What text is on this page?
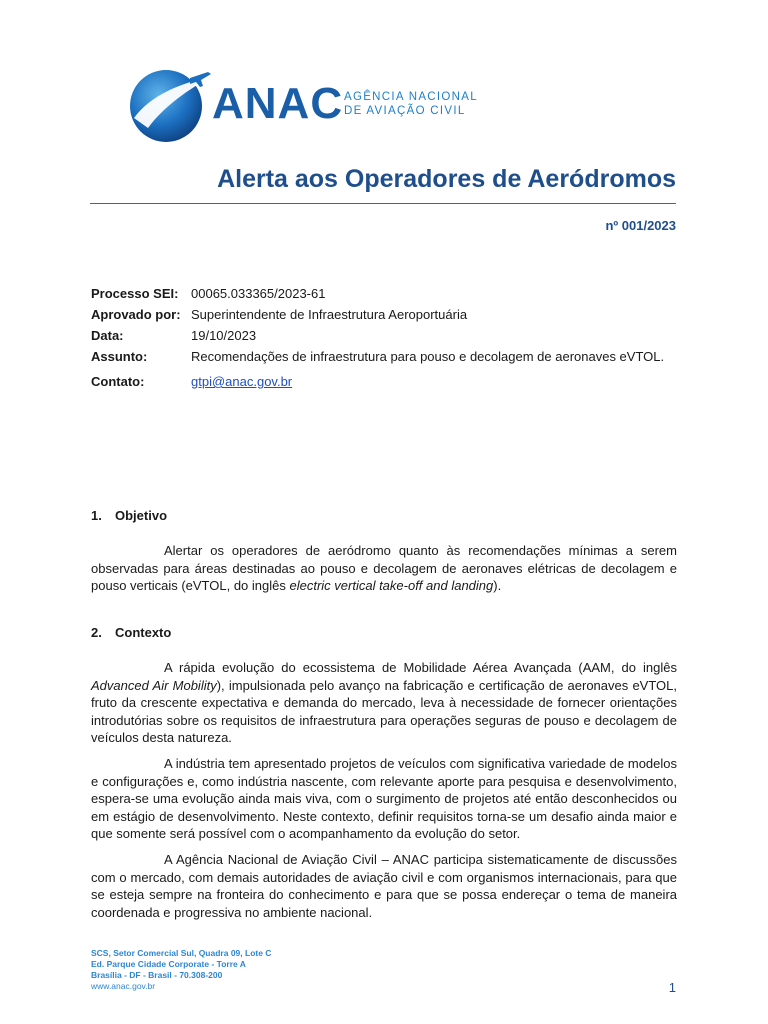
ANAC AGÊNCIA NACIONAL
DE AVIAÇÃO CIVIL
Alerta aos Operadores de Aeródromos
nº 001/2023
Processo SEI: 00065.033365/2023-61
Aprovado por: Superintendente de Infraestrutura Aeroportuária
Data:	19/10/2023
Assunto:	Recomendações de infraestrutura para pouso e decolagem de aeronaves eVTOL.
Contato:	gtpi@anac.gov.br
1. Objetivo

Alertar os operadores de aeródromo quanto às recomendações mínimas a serem observadas para áreas destinadas ao pouso e decolagem de aeronaves elétricas de decolagem e pouso verticais (eVTOL, do inglês electric vertical take-off and landing).

2. Contexto

A rápida evolução do ecossistema de Mobilidade Aérea Avançada (AAM, do inglês Advanced Air Mobility), impulsionada pelo avanço na fabricação e certificação de aeronaves eVTOL, fruto da crescente expectativa e demanda do mercado, leva à necessidade de fornecer orientações introdutórias sobre os requisitos de infraestrutura para operações seguras de pouso e decolagem de veículos desta natureza.

A indústria tem apresentado projetos de veículos com significativa variedade de modelos e configurações e, como indústria nascente, com relevante aporte para pesquisa e desenvolvimento, espera-se uma evolução ainda mais viva, com o surgimento de projetos até então desconhecidos ou em estágio de desenvolvimento. Neste contexto, definir requisitos torna-se um desafio ainda maior e que somente será possível com o acompanhamento da evolução do setor.

A Agência Nacional de Aviação Civil – ANAC participa sistematicamente de discussões com o mercado, com demais autoridades de aviação civil e com organismos internacionais, para que se esteja sempre na fronteira do conhecimento e para que se possa endereçar o tema de maneira coordenada e progressiva no ambiente nacional.

SCS, Setor Comercial Sul, Quadra 09, Lote C
Ed. Parque Cidade Corporate - Torre A
Brasília - DF - Brasil - 70.308-200
www.anac.gov.br	1
